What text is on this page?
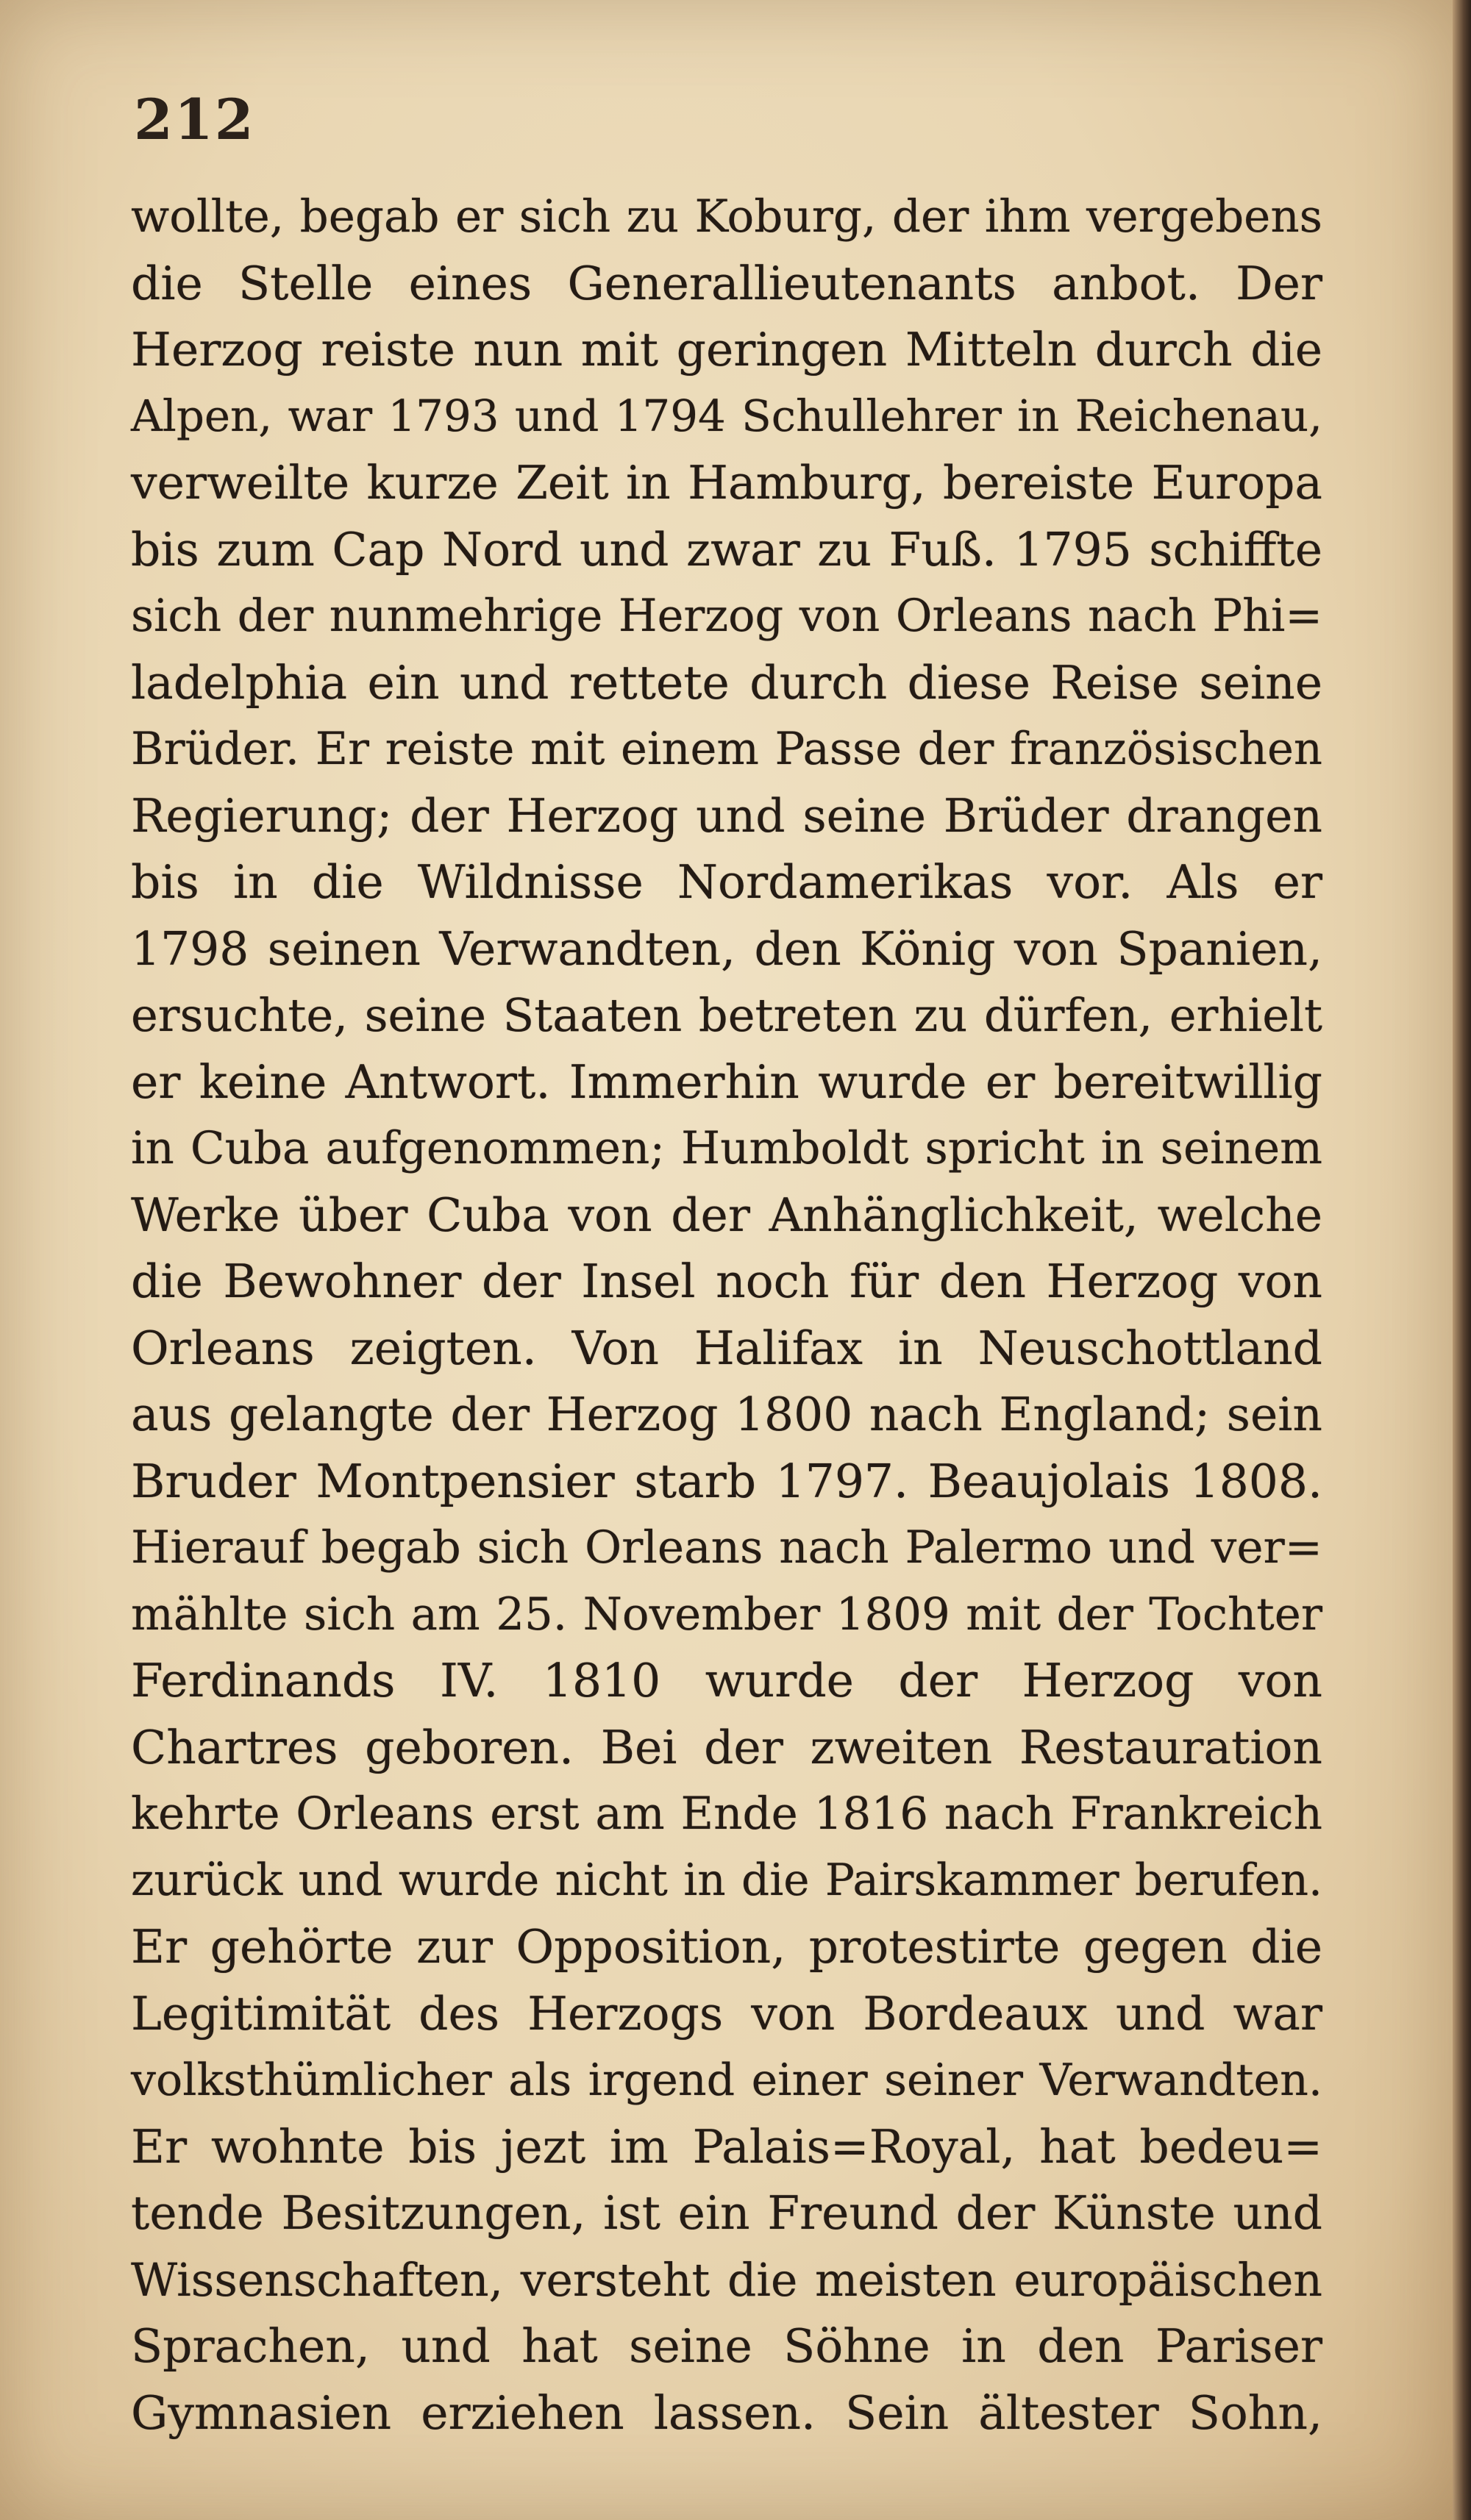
212
wollte, begab er sich zu Koburg, der ihm vergebens
die Stelle eines Generallieutenants anbot. Der
Herzog reiste nun mit geringen Mitteln durch die
Alpen, war 1793 und 1794 Schullehrer in Reichenau,
verweilte kurze Zeit in Hamburg, bereiste Europa
bis zum Cap Nord und zwar zu Fuß. 1795 schiffte
sich der nunmehrige Herzog von Orleans nach Phi=
ladelphia ein und rettete durch diese Reise seine
Brüder. Er reiste mit einem Passe der französischen
Regierung; der Herzog und seine Brüder drangen
bis in die Wildnisse Nordamerikas vor. Als er
1798 seinen Verwandten, den König von Spanien,
ersuchte, seine Staaten betreten zu dürfen, erhielt
er keine Antwort. Immerhin wurde er bereitwillig
in Cuba aufgenommen; Humboldt spricht in seinem
Werke über Cuba von der Anhänglichkeit, welche
die Bewohner der Insel noch für den Herzog von
Orleans zeigten. Von Halifax in Neuschottland
aus gelangte der Herzog 1800 nach England; sein
Bruder Montpensier starb 1797. Beaujolais 1808.
Hierauf begab sich Orleans nach Palermo und ver=
mählte sich am 25. November 1809 mit der Tochter
Ferdinands IV. 1810 wurde der Herzog von
Chartres geboren. Bei der zweiten Restauration
kehrte Orleans erst am Ende 1816 nach Frankreich
zurück und wurde nicht in die Pairskammer berufen.
Er gehörte zur Opposition, protestirte gegen die
Legitimität des Herzogs von Bordeaux und war
volksthümlicher als irgend einer seiner Verwandten.
Er wohnte bis jezt im Palais=Royal, hat bedeu=
tende Besitzungen, ist ein Freund der Künste und
Wissenschaften, versteht die meisten europäischen
Sprachen, und hat seine Söhne in den Pariser
Gymnasien erziehen lassen. Sein ältester Sohn,
